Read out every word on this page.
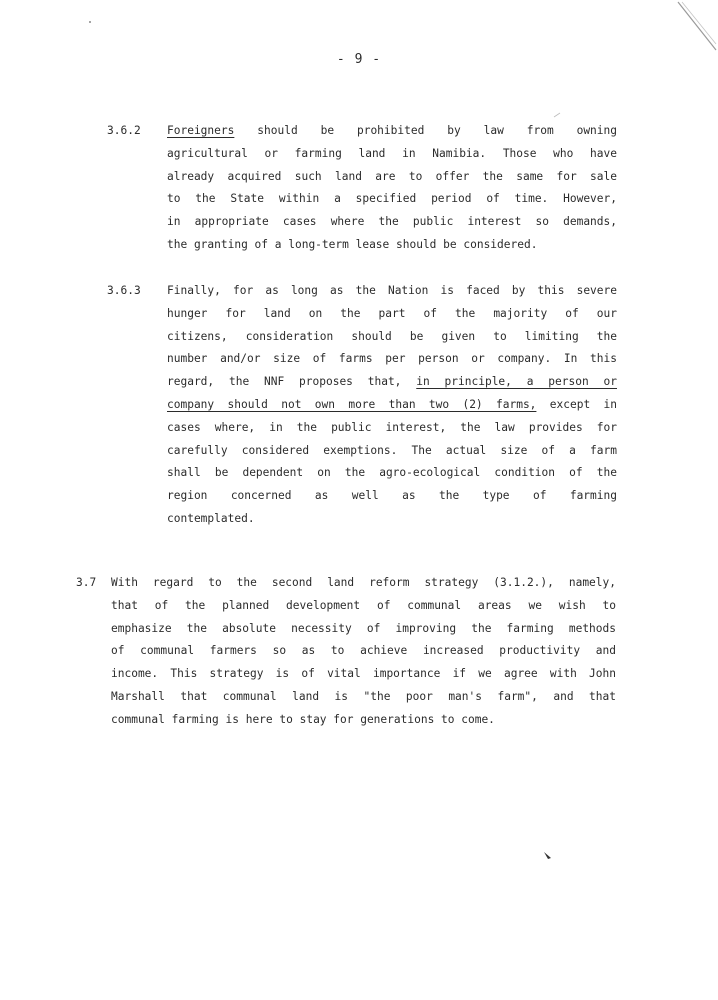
- 9 -
3.6.2 Foreigners should be prohibited by law from owning
agricultural or farming land in Namibia. Those who have
already acquired such land are to offer the same for sale
to the State within a specified period of time. However,
in appropriate cases where the public interest so demands,
the granting of a long-term lease should be considered.
3.6.3 Finally, for as long as the Nation is faced by this severe
hunger for land on the part of the majority of our
citizens, consideration should be given to limiting the
number and/or size of farms per person or company. In this
regard, the NNF proposes that, in principle, a person or
company should not own more than two (2) farms, except in
cases where, in the public interest, the law provides for
carefully considered exemptions. The actual size of a farm
shall be dependent on the agro-ecological condition of the
region concerned as well as the type of farming
contemplated.
3.7 With regard to the second land reform strategy (3.1.2.), namely,
that of the planned development of communal areas we wish to
emphasize the absolute necessity of improving the farming methods
of communal farmers so as to achieve increased productivity and
income. This strategy is of vital importance if we agree with John
Marshall that communal land is "the poor man's farm", and that
communal farming is here to stay for generations to come.
